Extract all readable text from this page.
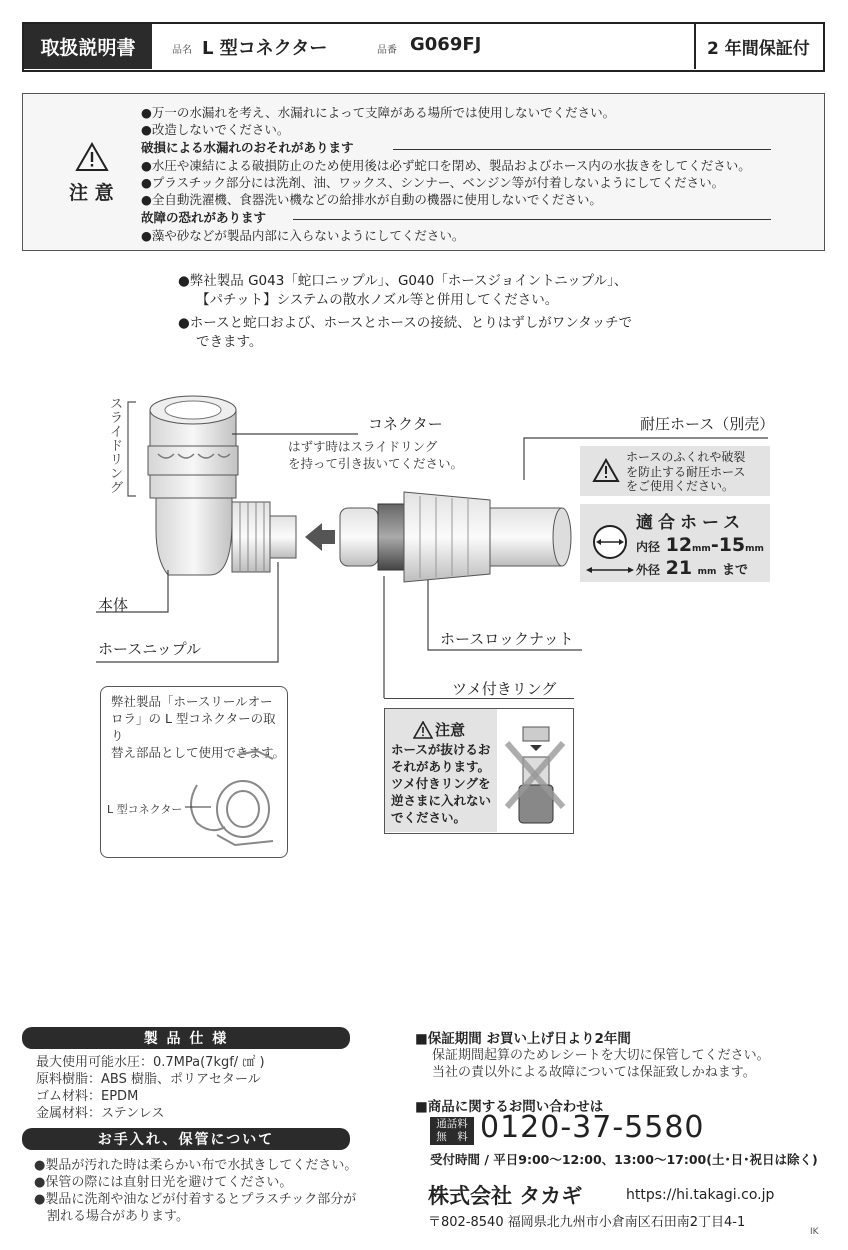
取扱説明書	品名 L 型コネクター	品番 G069FJ	2 年間保証付
注 意
●万一の水漏れを考え、水漏れによって支障がある場所では使用しないでください。
●改造しないでください。
破損による水漏れのおそれがあります
●水圧や凍結による破損防止のため使用後は必ず蛇口を閉め、製品およびホース内の水抜きをしてください。
●プラスチック部分には洗剤、油、ワックス、シンナー、ベンジン等が付着しないようにしてください。
●全自動洗濯機、食器洗い機などの給排水が自動の機器に使用しないでください。
故障の恐れがあります
●藻や砂などが製品内部に入らないようにしてください。
●弊社製品 G043「蛇口ニップル」、G040「ホースジョイントニップル」、
【パチット】システムの散水ノズル等と併用してください。
●ホースと蛇口および、ホースとホースの接続、とりはずしがワンタッチで
できます。
スライドリング
コネクター
はずす時はスライドリング
を持って引き抜いてください。
耐圧ホース（別売）
ホースのふくれや破裂
を防止する耐圧ホース
をご使用ください。
適合ホース
内径 12mm-15mm
外径 21 mm まで
本体
ホースニップル
ホースロックナット
ツメ付きリング
弊社製品「ホースリールオー
ロラ」の L 型コネクターの取り
替え部品として使用できます。
L 型コネクター
注意
ホースが抜けるお
それがあります。
ツメ付きリングを
逆さまに入れない
でください。
製 品 仕 様
最大使用可能水圧：0.7MPa(7kgf/ ㎠ )
原料樹脂：ABS 樹脂、ポリアセタール
ゴム材料：EPDM
金属材料：ステンレス
お手入れ、保管について
●製品が汚れた時は柔らかい布で水拭きしてください。
●保管の際には直射日光を避けてください。
●製品に洗剤や油などが付着するとプラスチック部分が
　割れる場合があります。
■保証期間 お買い上げ日より2年間
保証期間起算のためレシートを大切に保管してください。
当社の責以外による故障については保証致しかねます。
■商品に関するお問い合わせは
通話料
無　料 0120-37-5580
受付時間 / 平日9:00～12:00、13:00～17:00(土･日･祝日は除く)
株式会社 タカギ	https://hi.takagi.co.jp
〒802-8540 福岡県北九州市小倉南区石田南2丁目4-1
IK
